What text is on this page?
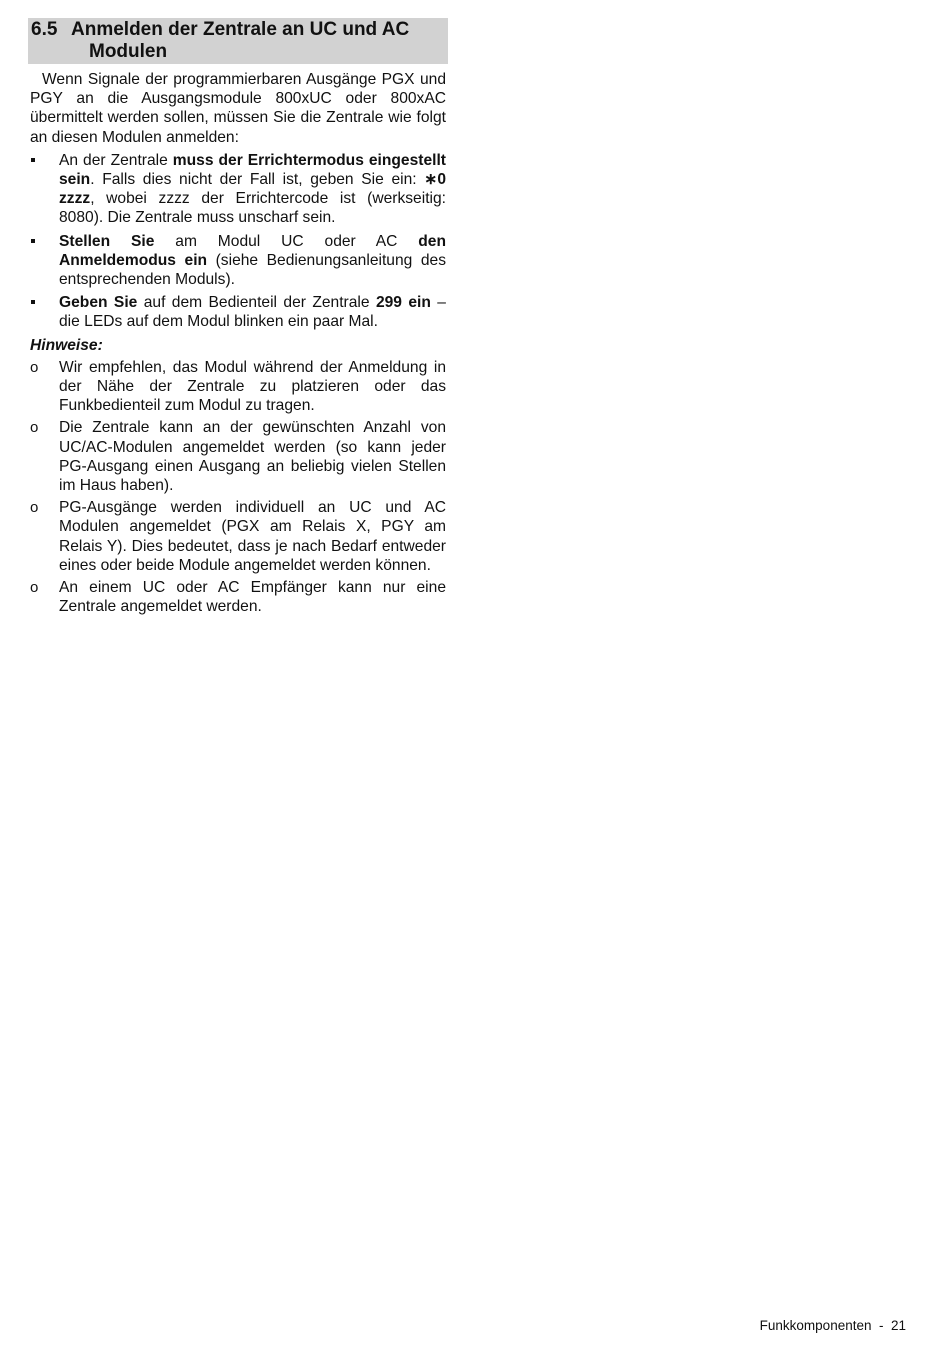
6.5 Anmelden der Zentrale an UC und AC
Modulen

Wenn Signale der programmierbaren Ausgänge PGX und PGY an die Ausgangsmodule 800xUC oder 800xAC übermittelt werden sollen, müssen Sie die Zentrale wie folgt an diesen Modulen anmelden:

An der Zentrale muss der Errichtermodus eingestellt sein. Falls dies nicht der Fall ist, geben Sie ein: ∗0 zzzz, wobei zzzz der Errichtercode ist (werkseitig: 8080). Die Zentrale muss unscharf sein.
Stellen Sie am Modul UC oder AC den Anmeldemodus ein (siehe Bedienungsanleitung des entsprechenden Moduls).
Geben Sie auf dem Bedienteil der Zentrale 299 ein – die LEDs auf dem Modul blinken ein paar Mal.
Hinweise:
o Wir empfehlen, das Modul während der Anmeldung in der Nähe der Zentrale zu platzieren oder das Funkbedienteil zum Modul zu tragen.
o Die Zentrale kann an der gewünschten Anzahl von UC/AC-Modulen angemeldet werden (so kann jeder PG-Ausgang einen Ausgang an beliebig vielen Stellen im Haus haben).
o PG-Ausgänge werden individuell an UC und AC Modulen angemeldet (PGX am Relais X, PGY am Relais Y). Dies bedeutet, dass je nach Bedarf entweder eines oder beide Module angemeldet werden können.
o An einem UC oder AC Empfänger kann nur eine Zentrale angemeldet werden.
Funkkomponenten  -  21
